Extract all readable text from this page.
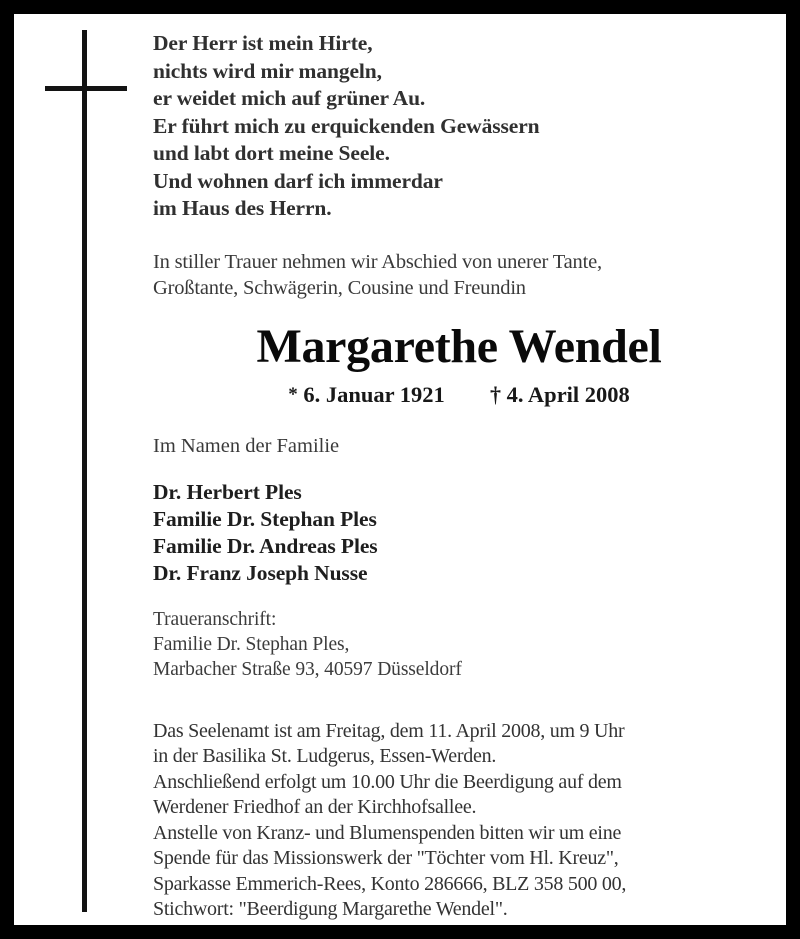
Der Herr ist mein Hirte,
nichts wird mir mangeln,
er weidet mich auf grüner Au.
Er führt mich zu erquickenden Gewässern
und labt dort meine Seele.
Und wohnen darf ich immerdar
im Haus des Herrn.
In stiller Trauer nehmen wir Abschied von unerer Tante,
Großtante, Schwägerin, Cousine und Freundin
Margarethe Wendel
* 6. Januar 1921 † 4. April 2008
Im Namen der Familie
Dr. Herbert Ples
Familie Dr. Stephan Ples
Familie Dr. Andreas Ples
Dr. Franz Joseph Nusse
Traueranschrift:
Familie Dr. Stephan Ples,
Marbacher Straße 93, 40597 Düsseldorf
Das Seelenamt ist am Freitag, dem 11. April 2008, um 9 Uhr
in der Basilika St. Ludgerus, Essen-Werden.
Anschließend erfolgt um 10.00 Uhr die Beerdigung auf dem
Werdener Friedhof an der Kirchhofsallee.
Anstelle von Kranz- und Blumenspenden bitten wir um eine
Spende für das Missionswerk der "Töchter vom Hl. Kreuz",
Sparkasse Emmerich-Rees, Konto 286666, BLZ 358 500 00,
Stichwort: "Beerdigung Margarethe Wendel".
